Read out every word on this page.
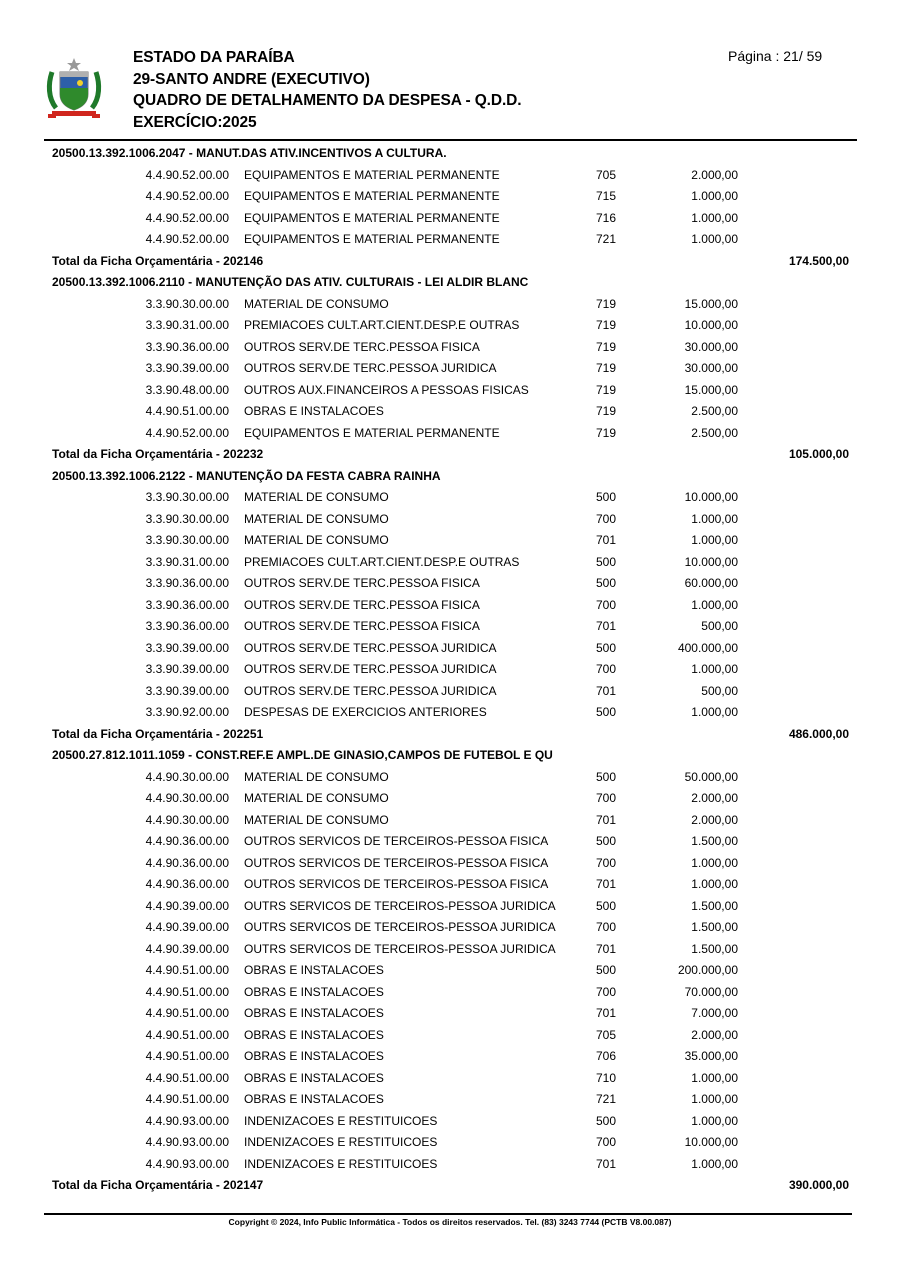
ESTADO DA PARAÍBA
29-SANTO ANDRE (EXECUTIVO)
QUADRO DE DETALHAMENTO DA DESPESA - Q.D.D.
EXERCÍCIO:2025
Página : 21/ 59
20500.13.392.1006.2047 - MANUT.DAS ATIV.INCENTIVOS A CULTURA.
4.4.90.52.00.00 EQUIPAMENTOS E MATERIAL PERMANENTE	705	2.000,00
4.4.90.52.00.00 EQUIPAMENTOS E MATERIAL PERMANENTE	715	1.000,00
4.4.90.52.00.00 EQUIPAMENTOS E MATERIAL PERMANENTE	716	1.000,00
4.4.90.52.00.00 EQUIPAMENTOS E MATERIAL PERMANENTE	721	1.000,00
Total da Ficha Orçamentária - 202146	174.500,00
20500.13.392.1006.2110 - MANUTENÇÃO DAS ATIV. CULTURAIS - LEI ALDIR BLANC
3.3.90.30.00.00 MATERIAL DE CONSUMO	719	15.000,00
3.3.90.31.00.00 PREMIACOES CULT.ART.CIENT.DESP.E OUTRAS	719	10.000,00
3.3.90.36.00.00 OUTROS SERV.DE TERC.PESSOA FISICA	719	30.000,00
3.3.90.39.00.00 OUTROS SERV.DE TERC.PESSOA JURIDICA	719	30.000,00
3.3.90.48.00.00 OUTROS AUX.FINANCEIROS A PESSOAS FISICAS	719	15.000,00
4.4.90.51.00.00 OBRAS E INSTALACOES	719	2.500,00
4.4.90.52.00.00 EQUIPAMENTOS E MATERIAL PERMANENTE	719	2.500,00
Total da Ficha Orçamentária - 202232	105.000,00
20500.13.392.1006.2122 - MANUTENÇÃO DA FESTA CABRA RAINHA
3.3.90.30.00.00 MATERIAL DE CONSUMO	500	10.000,00
3.3.90.30.00.00 MATERIAL DE CONSUMO	700	1.000,00
3.3.90.30.00.00 MATERIAL DE CONSUMO	701	1.000,00
3.3.90.31.00.00 PREMIACOES CULT.ART.CIENT.DESP.E OUTRAS	500	10.000,00
3.3.90.36.00.00 OUTROS SERV.DE TERC.PESSOA FISICA	500	60.000,00
3.3.90.36.00.00 OUTROS SERV.DE TERC.PESSOA FISICA	700	1.000,00
3.3.90.36.00.00 OUTROS SERV.DE TERC.PESSOA FISICA	701	500,00
3.3.90.39.00.00 OUTROS SERV.DE TERC.PESSOA JURIDICA	500	400.000,00
3.3.90.39.00.00 OUTROS SERV.DE TERC.PESSOA JURIDICA	700	1.000,00
3.3.90.39.00.00 OUTROS SERV.DE TERC.PESSOA JURIDICA	701	500,00
3.3.90.92.00.00 DESPESAS DE EXERCICIOS ANTERIORES	500	1.000,00
Total da Ficha Orçamentária - 202251	486.000,00
20500.27.812.1011.1059 - CONST.REF.E AMPL.DE GINASIO,CAMPOS DE FUTEBOL E QU
4.4.90.30.00.00 MATERIAL DE CONSUMO	500	50.000,00
4.4.90.30.00.00 MATERIAL DE CONSUMO	700	2.000,00
4.4.90.30.00.00 MATERIAL DE CONSUMO	701	2.000,00
4.4.90.36.00.00 OUTROS SERVICOS DE TERCEIROS-PESSOA FISICA	500	1.500,00
4.4.90.36.00.00 OUTROS SERVICOS DE TERCEIROS-PESSOA FISICA	700	1.000,00
4.4.90.36.00.00 OUTROS SERVICOS DE TERCEIROS-PESSOA FISICA	701	1.000,00
4.4.90.39.00.00 OUTRS SERVICOS DE TERCEIROS-PESSOA JURIDICA	500	1.500,00
4.4.90.39.00.00 OUTRS SERVICOS DE TERCEIROS-PESSOA JURIDICA	700	1.500,00
4.4.90.39.00.00 OUTRS SERVICOS DE TERCEIROS-PESSOA JURIDICA	701	1.500,00
4.4.90.51.00.00 OBRAS E INSTALACOES	500	200.000,00
4.4.90.51.00.00 OBRAS E INSTALACOES	700	70.000,00
4.4.90.51.00.00 OBRAS E INSTALACOES	701	7.000,00
4.4.90.51.00.00 OBRAS E INSTALACOES	705	2.000,00
4.4.90.51.00.00 OBRAS E INSTALACOES	706	35.000,00
4.4.90.51.00.00 OBRAS E INSTALACOES	710	1.000,00
4.4.90.51.00.00 OBRAS E INSTALACOES	721	1.000,00
4.4.90.93.00.00 INDENIZACOES E RESTITUICOES	500	1.000,00
4.4.90.93.00.00 INDENIZACOES E RESTITUICOES	700	10.000,00
4.4.90.93.00.00 INDENIZACOES E RESTITUICOES	701	1.000,00
Total da Ficha Orçamentária - 202147	390.000,00
Copyright © 2024, Info Public Informática - Todos os direitos reservados. Tel. (83) 3243 7744 (PCTB V8.00.087)
